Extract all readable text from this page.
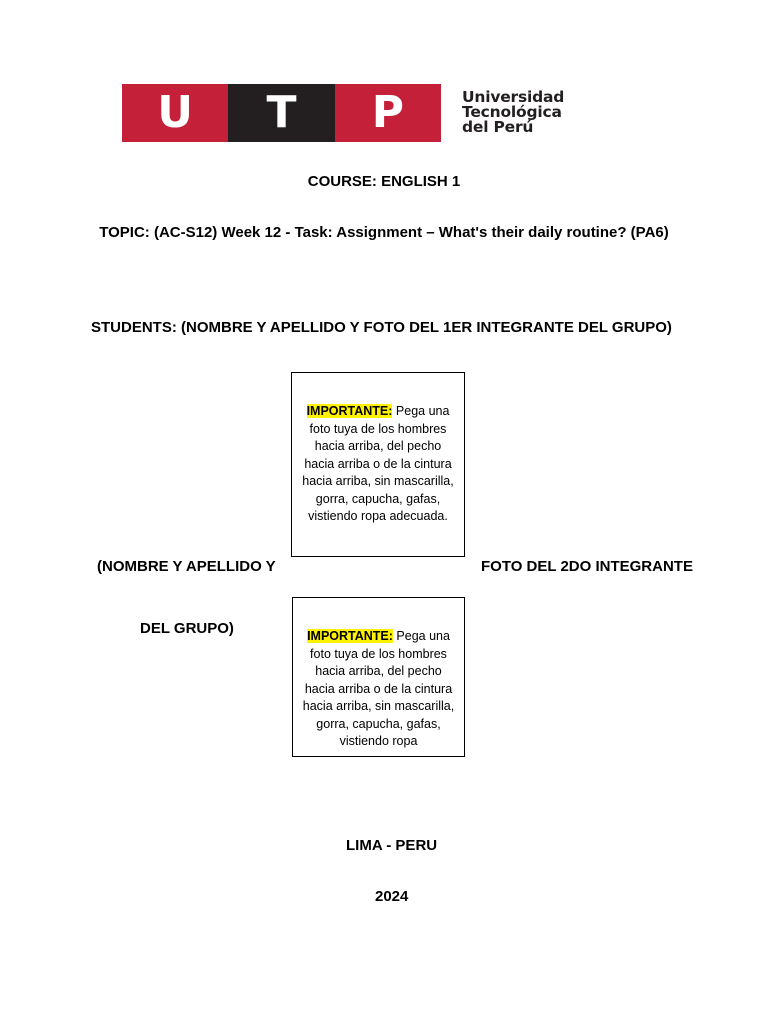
U	T	P	Universidad
Tecnológica
del Perú
COURSE: ENGLISH 1
TOPIC: (AC-S12) Week 12 - Task: Assignment – What's their daily routine? (PA6)
STUDENTS: (NOMBRE Y APELLIDO Y FOTO DEL 1ER INTEGRANTE DEL GRUPO)
IMPORTANTE: Pega una foto tuya de los hombres hacia arriba, del pecho hacia arriba o de la cintura hacia arriba, sin mascarilla, gorra, capucha, gafas, vistiendo ropa adecuada.
(NOMBRE Y APELLIDO Y	FOTO DEL 2DO INTEGRANTE
DEL GRUPO)	IMPORTANTE: Pega una foto tuya de los hombres hacia arriba, del pecho hacia arriba o de la cintura hacia arriba, sin mascarilla, gorra, capucha, gafas, vistiendo ropa
LIMA - PERU
2024
